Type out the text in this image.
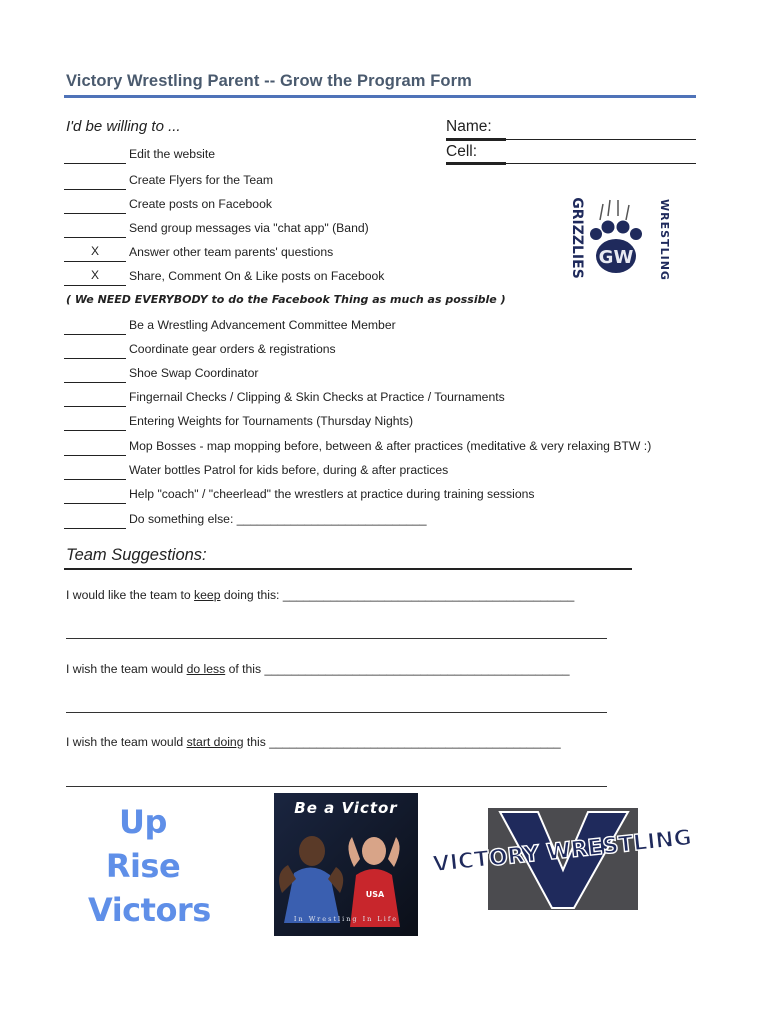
Victory Wrestling Parent -- Grow the Program Form
I'd be willing to ...	Name:
Cell:
GRIZZLIES	WRESTLING
GW
Edit the website
Create Flyers for the Team
Create posts on Facebook
Send group messages via "chat app" (Band)
X	Answer other team parents' questions
X	Share, Comment On & Like posts on Facebook
Be a Wrestling Advancement Committee Member
Coordinate gear orders & registrations
Shoe Swap Coordinator
Fingernail Checks / Clipping & Skin Checks at Practice / Tournaments
Entering Weights for Tournaments (Thursday Nights)
Mop Bosses - map mopping before, between & after practices (meditative & very relaxing BTW :)
Water bottles Patrol for kids before, during & after practices
Help "coach" / "cheerlead" the wrestlers at practice during training sessions
Do something else: ____________________________
( We NEED EVERYBODY to do the Facebook Thing as much as possible )
Team Suggestions:
I would like the team to keep doing this: ___________________________________________
I wish the team would do less of this _____________________________________________
I wish the team would start doing this ___________________________________________
Up
Rise
Victors	USA
Be a Victor
In Wrestling In Life
VICTORY WRESTLING
